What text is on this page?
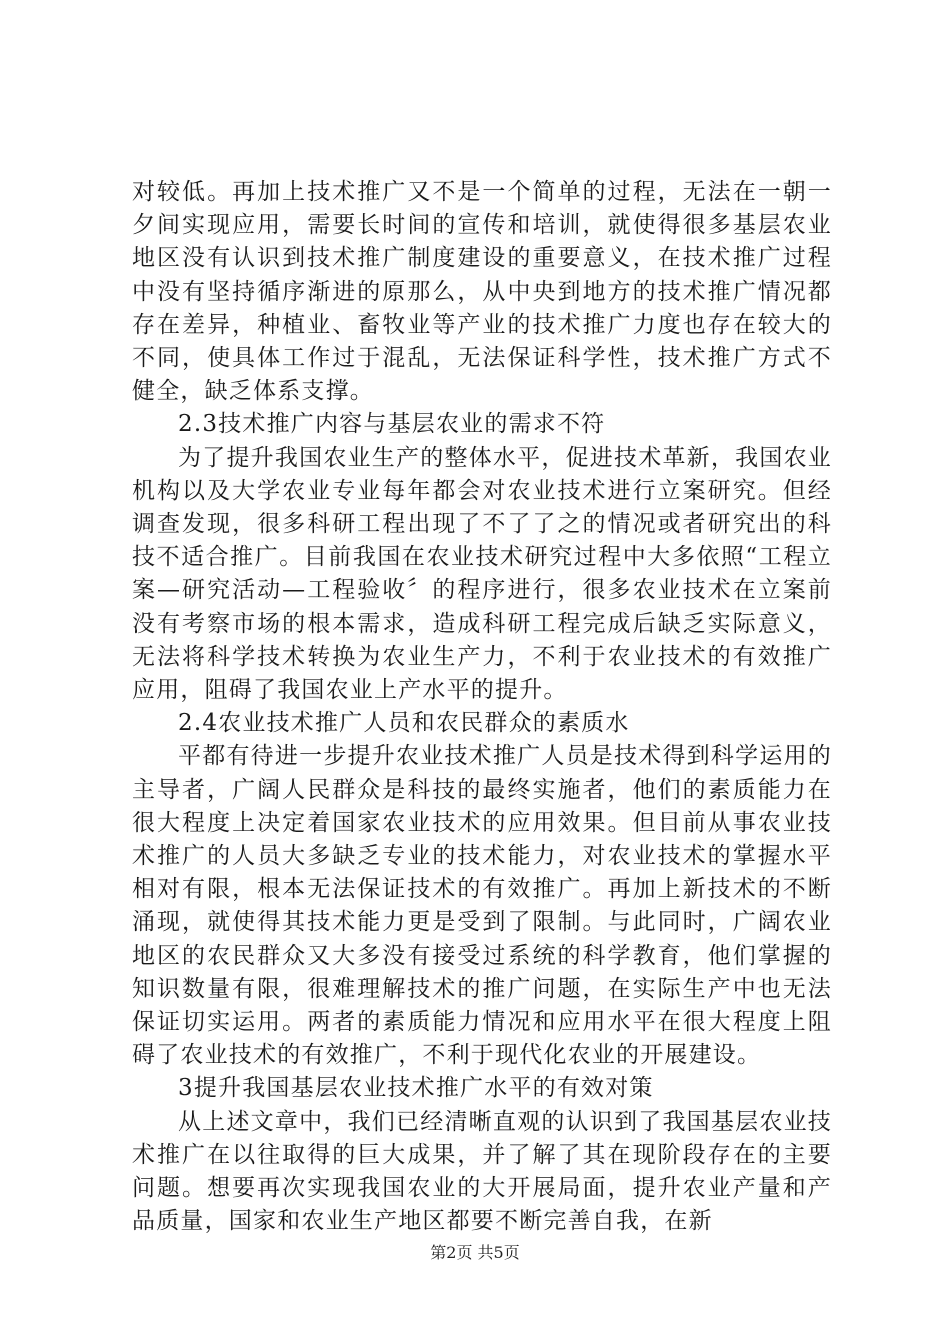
对较低。再加上技术推广又不是一个简单的过程，无法在一朝一夕间实现应用，需要长时间的宣传和培训，就使得很多基层农业地区没有认识到技术推广制度建设的重要意义，在技术推广过程中没有坚持循序渐进的原那么，从中央到地方的技术推广情况都存在差异，种植业、畜牧业等产业的技术推广力度也存在较大的不同，使具体工作过于混乱，无法保证科学性，技术推广方式不健全，缺乏体系支撑。

2.3技术推广内容与基层农业的需求不符

为了提升我国农业生产的整体水平，促进技术革新，我国农业机构以及大学农业专业每年都会对农业技术进行立案研究。但经调查发现，很多科研工程出现了不了了之的情况或者研究出的科技不适合推广。目前我国在农业技术研究过程中大多依照“工程立案—研究活动—工程验收〞的程序进行，很多农业技术在立案前没有考察市场的根本需求，造成科研工程完成后缺乏实际意义，无法将科学技术转换为农业生产力，不利于农业技术的有效推广应用，阻碍了我国农业上产水平的提升。

2.4农业技术推广人员和农民群众的素质水

平都有待进一步提升农业技术推广人员是技术得到科学运用的主导者，广阔人民群众是科技的最终实施者，他们的素质能力在很大程度上决定着国家农业技术的应用效果。但目前从事农业技术推广的人员大多缺乏专业的技术能力，对农业技术的掌握水平相对有限，根本无法保证技术的有效推广。再加上新技术的不断涌现，就使得其技术能力更是受到了限制。与此同时，广阔农业地区的农民群众又大多没有接受过系统的科学教育，他们掌握的知识数量有限，很难理解技术的推广问题，在实际生产中也无法保证切实运用。两者的素质能力情况和应用水平在很大程度上阻碍了农业技术的有效推广，不利于现代化农业的开展建设。

3提升我国基层农业技术推广水平的有效对策

从上述文章中，我们已经清晰直观的认识到了我国基层农业技术推广在以往取得的巨大成果，并了解了其在现阶段存在的主要问题。想要再次实现我国农业的大开展局面，提升农业产量和产品质量，国家和农业生产地区都要不断完善自我，在新

第2页 共5页
